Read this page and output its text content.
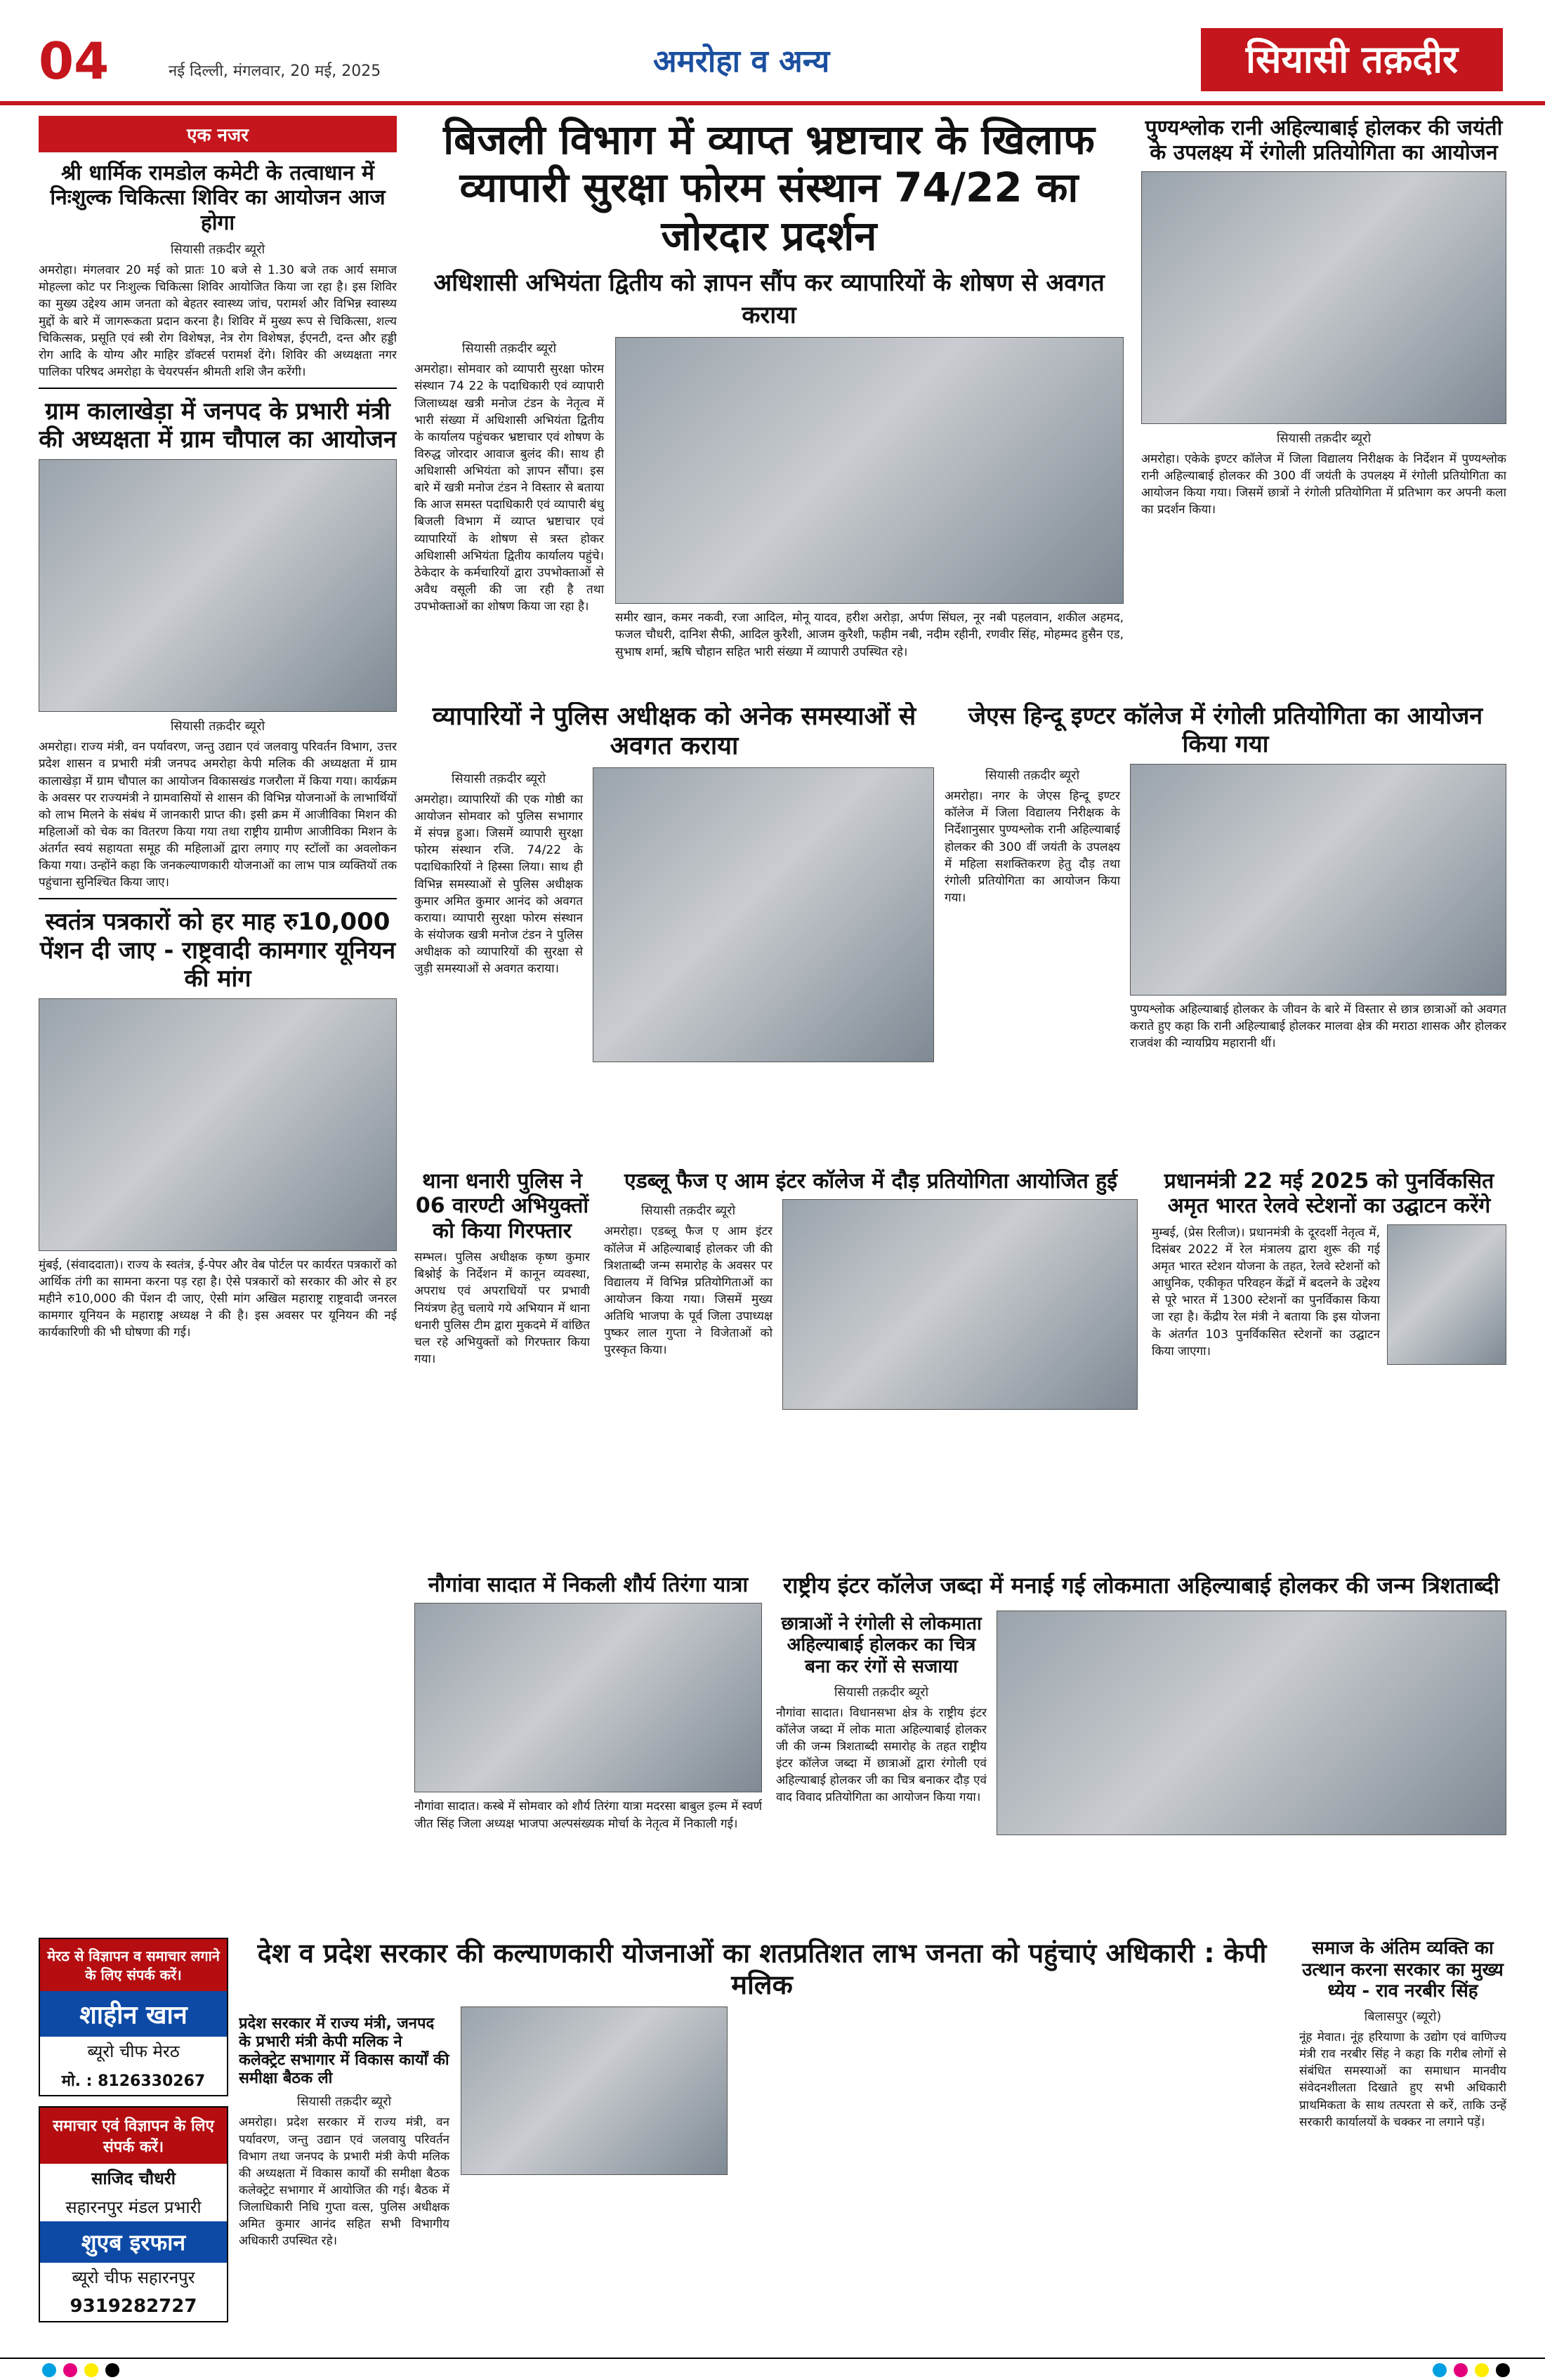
04	नई दिल्ली, मंगलवार, 20 मई, 2025	अमरोहा व अन्य	सियासी तक़दीर
एक नजर
श्री धार्मिक रामडोल कमेटी के तत्वाधान में निःशुल्क चिकित्सा शिविर का आयोजन आज होगा
सियासी तक़दीर ब्यूरो
अमरोहा। मंगलवार 20 मई को प्रातः 10 बजे से 1.30 बजे तक आर्य समाज मोहल्ला कोट पर निःशुल्क चिकित्सा शिविर आयोजित किया जा रहा है। इस शिविर का मुख्य उद्देश्य आम जनता को बेहतर स्वास्थ्य जांच, परामर्श और विभिन्न स्वास्थ्य मुद्दों के बारे में जागरूकता प्रदान करना है। शिविर में मुख्य रूप से चिकित्सा, शल्य चिकित्सक, प्रसूति एवं स्त्री रोग विशेषज्ञ, नेत्र रोग विशेषज्ञ, ईएनटी, दन्त और हड्डी रोग आदि के योग्य और माहिर डॉक्टर्स परामर्श देंगे। शिविर की अध्यक्षता नगर पालिका परिषद अमरोहा के चेयरपर्सन श्रीमती शशि जैन करेंगी।
ग्राम कालाखेड़ा में जनपद के प्रभारी मंत्री की अध्यक्षता में ग्राम चौपाल का आयोजन
सियासी तक़दीर ब्यूरो
अमरोहा। राज्य मंत्री, वन पर्यावरण, जन्तु उद्यान एवं जलवायु परिवर्तन विभाग, उत्तर प्रदेश शासन व प्रभारी मंत्री जनपद अमरोहा केपी मलिक की अध्यक्षता में ग्राम कालाखेड़ा में ग्राम चौपाल का आयोजन विकासखंड गजरौला में किया गया। कार्यक्रम के अवसर पर राज्यमंत्री ने ग्रामवासियों से शासन की विभिन्न योजनाओं के लाभार्थियों को लाभ मिलने के संबंध में जानकारी प्राप्त की। इसी क्रम में आजीविका मिशन की महिलाओं को चेक का वितरण किया गया तथा राष्ट्रीय ग्रामीण आजीविका मिशन के अंतर्गत स्वयं सहायता समूह की महिलाओं द्वारा लगाए गए स्टॉलों का अवलोकन किया गया। उन्होंने कहा कि जनकल्याणकारी योजनाओं का लाभ पात्र व्यक्तियों तक पहुंचाना सुनिश्चित किया जाए।
स्वतंत्र पत्रकारों को हर माह रु10,000 पेंशन दी जाए - राष्ट्रवादी कामगार यूनियन की मांग
मुंबई, (संवाददाता)। राज्य के स्वतंत्र, ई-पेपर और वेब पोर्टल पर कार्यरत पत्रकारों को आर्थिक तंगी का सामना करना पड़ रहा है। ऐसे पत्रकारों को सरकार की ओर से हर महीने रु10,000 की पेंशन दी जाए, ऐसी मांग अखिल महाराष्ट्र राष्ट्रवादी जनरल कामगार यूनियन के महाराष्ट्र अध्यक्ष ने की है। इस अवसर पर यूनियन की नई कार्यकारिणी की भी घोषणा की गई।
बिजली विभाग में व्याप्त भ्रष्टाचार के खिलाफ व्यापारी सुरक्षा फोरम संस्थान 74/22 का जोरदार प्रदर्शन
अधिशासी अभियंता द्वितीय को ज्ञापन सौंप कर व्यापारियों के शोषण से अवगत कराया
सियासी तक़दीर ब्यूरो
अमरोहा। सोमवार को व्यापारी सुरक्षा फोरम संस्थान 74 22 के पदाधिकारी एवं व्यापारी जिलाध्यक्ष खत्री मनोज टंडन के नेतृत्व में भारी संख्या में अधिशासी अभियंता द्वितीय के कार्यालय पहुंचकर भ्रष्टाचार एवं शोषण के विरुद्ध जोरदार आवाज बुलंद की। साथ ही अधिशासी अभियंता को ज्ञापन सौंपा। इस बारे में खत्री मनोज टंडन ने विस्तार से बताया कि आज समस्त पदाधिकारी एवं व्यापारी बंधु बिजली विभाग में व्याप्त भ्रष्टाचार एवं व्यापारियों के शोषण से त्रस्त होकर अधिशासी अभियंता द्वितीय कार्यालय पहुंचे। ठेकेदार के कर्मचारियों द्वारा उपभोक्ताओं से अवैध वसूली की जा रही है तथा उपभोक्ताओं का शोषण किया जा रहा है।
समीर खान, कमर नकवी, रजा आदिल, मोनू यादव, हरीश अरोड़ा, अर्पण सिंघल, नूर नबी पहलवान, शकील अहमद, फजल चौधरी, दानिश सैफी, आदिल कुरैशी, आजम कुरैशी, फहीम नबी, नदीम रहीनी, रणवीर सिंह, मोहम्मद हुसैन एड, सुभाष शर्मा, ऋषि चौहान सहित भारी संख्या में व्यापारी उपस्थित रहे।
पुण्यश्लोक रानी अहिल्याबाई होलकर की जयंती के उपलक्ष्य में रंगोली प्रतियोगिता का आयोजन
सियासी तक़दीर ब्यूरो
अमरोहा। एकेके इण्टर कॉलेज में जिला विद्यालय निरीक्षक के निर्देशन में पुण्यश्लोक रानी अहिल्याबाई होलकर की 300 वीं जयंती के उपलक्ष्य में रंगोली प्रतियोगिता का आयोजन किया गया। जिसमें छात्रों ने रंगोली प्रतियोगिता में प्रतिभाग कर अपनी कला का प्रदर्शन किया।
व्यापारियों ने पुलिस अधीक्षक को अनेक समस्याओं से अवगत कराया
सियासी तक़दीर ब्यूरो
अमरोहा। व्यापारियों की एक गोष्ठी का आयोजन सोमवार को पुलिस सभागार में संपन्न हुआ। जिसमें व्यापारी सुरक्षा फोरम संस्थान रजि. 74/22 के पदाधिकारियों ने हिस्सा लिया। साथ ही विभिन्न समस्याओं से पुलिस अधीक्षक कुमार अमित कुमार आनंद को अवगत कराया। व्यापारी सुरक्षा फोरम संस्थान के संयोजक खत्री मनोज टंडन ने पुलिस अधीक्षक को व्यापारियों की सुरक्षा से जुड़ी समस्याओं से अवगत कराया।
जेएस हिन्दू इण्टर कॉलेज में रंगोली प्रतियोगिता का आयोजन किया गया
सियासी तक़दीर ब्यूरो
अमरोहा। नगर के जेएस हिन्दू इण्टर कॉलेज में जिला विद्यालय निरीक्षक के निर्देशानुसार पुण्यश्लोक रानी अहिल्याबाई होलकर की 300 वीं जयंती के उपलक्ष्य में महिला सशक्तिकरण हेतु दौड़ तथा रंगोली प्रतियोगिता का आयोजन किया गया।
पुण्यश्लोक अहिल्याबाई होलकर के जीवन के बारे में विस्तार से छात्र छात्राओं को अवगत कराते हुए कहा कि रानी अहिल्याबाई होलकर मालवा क्षेत्र की मराठा शासक और होलकर राजवंश की न्यायप्रिय महारानी थीं।
थाना धनारी पुलिस ने 06 वारण्टी अभियुक्तों को किया गिरफ्तार
सम्भल। पुलिस अधीक्षक कृष्ण कुमार बिश्नोई के निर्देशन में कानून व्यवस्था, अपराध एवं अपराधियों पर प्रभावी नियंत्रण हेतु चलाये गये अभियान में थाना धनारी पुलिस टीम द्वारा मुकदमे में वांछित चल रहे अभियुक्तों को गिरफ्तार किया गया।
एडब्लू फैज ए आम इंटर कॉलेज में दौड़ प्रतियोगिता आयोजित हुई
सियासी तक़दीर ब्यूरो
अमरोहा। एडब्लू फैज ए आम इंटर कॉलेज में अहिल्याबाई होलकर जी की त्रिशताब्दी जन्म समारोह के अवसर पर विद्यालय में विभिन्न प्रतियोगिताओं का आयोजन किया गया। जिसमें मुख्य अतिथि भाजपा के पूर्व जिला उपाध्यक्ष पुष्कर लाल गुप्ता ने विजेताओं को पुरस्कृत किया।
प्रधानमंत्री 22 मई 2025 को पुनर्विकसित अमृत भारत रेलवे स्टेशनों का उद्घाटन करेंगे
मुम्बई, (प्रेस रिलीज)। प्रधानमंत्री के दूरदर्शी नेतृत्व में, दिसंबर 2022 में रेल मंत्रालय द्वारा शुरू की गई अमृत भारत स्टेशन योजना के तहत, रेलवे स्टेशनों को आधुनिक, एकीकृत परिवहन केंद्रों में बदलने के उद्देश्य से पूरे भारत में 1300 स्टेशनों का पुनर्विकास किया जा रहा है। केंद्रीय रेल मंत्री ने बताया कि इस योजना के अंतर्गत 103 पुनर्विकसित स्टेशनों का उद्घाटन किया जाएगा।
नौगांवा सादात में निकली शौर्य तिरंगा यात्रा
नौगांवा सादात। कस्बे में सोमवार को शौर्य तिरंगा यात्रा मदरसा बाबुल इल्म में स्वर्ण जीत सिंह जिला अध्यक्ष भाजपा अल्पसंख्यक मोर्चा के नेतृत्व में निकाली गई।
राष्ट्रीय इंटर कॉलेज जब्दा में मनाई गई लोकमाता अहिल्याबाई होलकर की जन्म त्रिशताब्दी
छात्राओं ने रंगोली से लोकमाता अहिल्याबाई होलकर का चित्र बना कर रंगों से सजाया
सियासी तक़दीर ब्यूरो
नौगांवा सादात। विधानसभा क्षेत्र के राष्ट्रीय इंटर कॉलेज जब्दा में लोक माता अहिल्याबाई होलकर जी की जन्म त्रिशताब्दी समारोह के तहत राष्ट्रीय इंटर कॉलेज जब्दा में छात्राओं द्वारा रंगोली एवं अहिल्याबाई होलकर जी का चित्र बनाकर दौड़ एवं वाद विवाद प्रतियोगिता का आयोजन किया गया।
मेरठ से विज्ञापन व समाचार लगाने के लिए संपर्क करें।
शाहीन खान
ब्यूरो चीफ मेरठ
मो. : 8126330267
समाचार एवं विज्ञापन के लिए संपर्क करें।
साजिद चौधरी
सहारनपुर मंडल प्रभारी
शुएब इरफान
ब्यूरो चीफ सहारनपुर
9319282727
देश व प्रदेश सरकार की कल्याणकारी योजनाओं का शतप्रतिशत लाभ जनता को पहुंचाएं अधिकारी : केपी मलिक
प्रदेश सरकार में राज्य मंत्री, जनपद के प्रभारी मंत्री केपी मलिक ने कलेक्ट्रेट सभागार में विकास कार्यों की समीक्षा बैठक ली
सियासी तक़दीर ब्यूरो
अमरोहा। प्रदेश सरकार में राज्य मंत्री, वन पर्यावरण, जन्तु उद्यान एवं जलवायु परिवर्तन विभाग तथा जनपद के प्रभारी मंत्री केपी मलिक की अध्यक्षता में विकास कार्यों की समीक्षा बैठक कलेक्ट्रेट सभागार में आयोजित की गई। बैठक में जिलाधिकारी निधि गुप्ता वत्स, पुलिस अधीक्षक अमित कुमार आनंद सहित सभी विभागीय अधिकारी उपस्थित रहे।
समाज के अंतिम व्यक्ति का उत्थान करना सरकार का मुख्य ध्येय - राव नरबीर सिंह
बिलासपुर (ब्यूरो)
नूंह मेवात। नूंह हरियाणा के उद्योग एवं वाणिज्य मंत्री राव नरबीर सिंह ने कहा कि गरीब लोगों से संबंधित समस्याओं का समाधान मानवीय संवेदनशीलता दिखाते हुए सभी अधिकारी प्राथमिकता के साथ तत्परता से करें, ताकि उन्हें सरकारी कार्यालयों के चक्कर ना लगाने पड़ें।
